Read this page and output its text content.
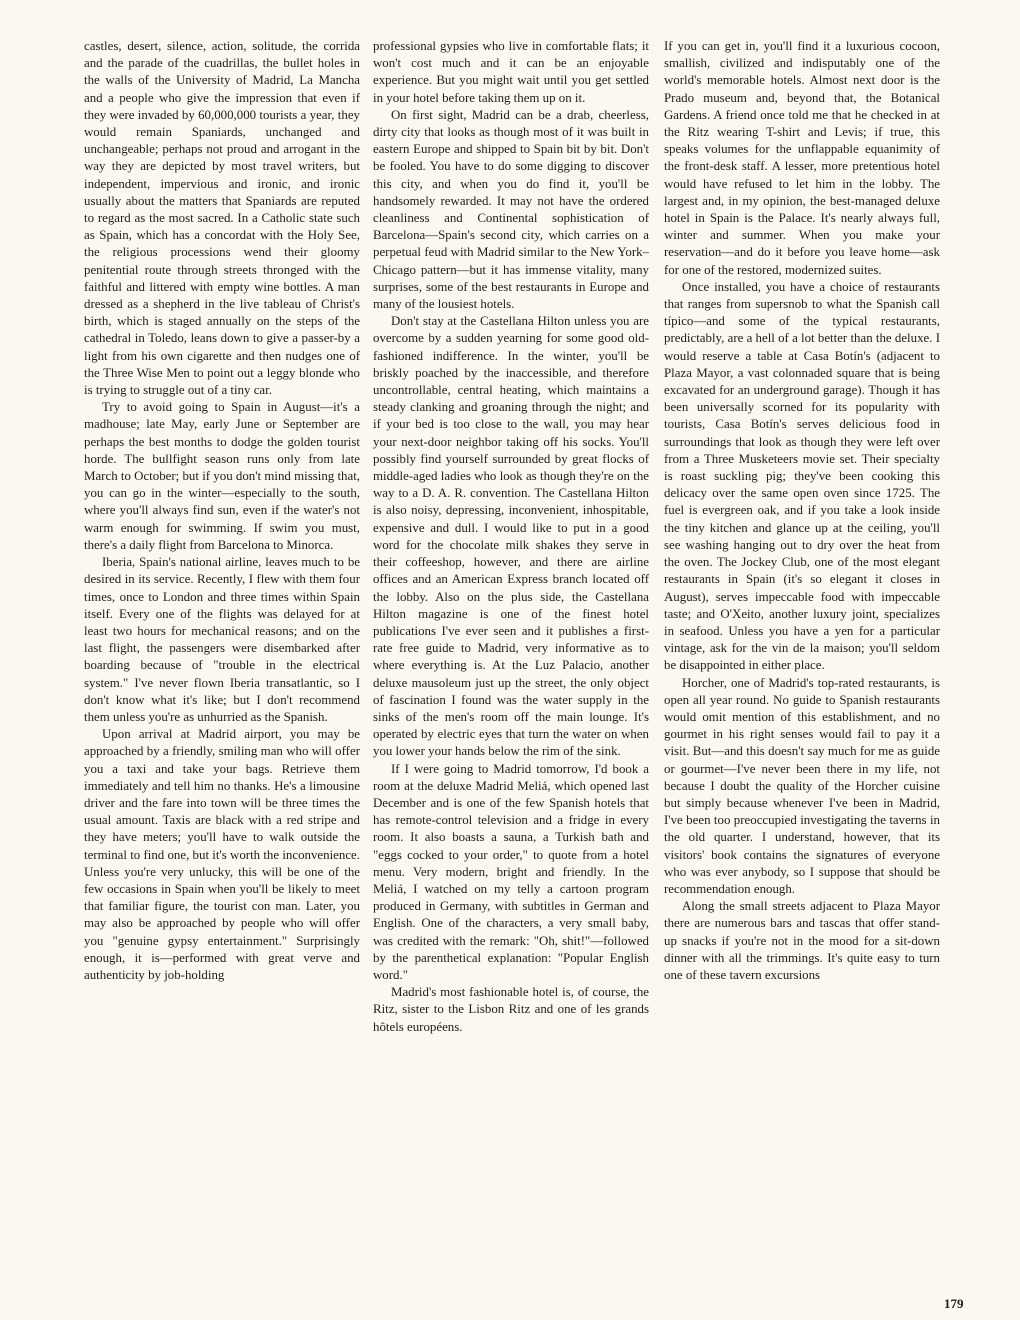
castles, desert, silence, action, solitude, the corrida and the parade of the cuadrillas, the bullet holes in the walls of the University of Madrid, La Mancha and a people who give the impression that even if they were invaded by 60,000,000 tourists a year, they would remain Spaniards, unchanged and unchangeable; perhaps not proud and arrogant in the way they are depicted by most travel writers, but independent, impervious and ironic, and ironic usually about the matters that Spaniards are reputed to regard as the most sacred. In a Catholic state such as Spain, which has a concordat with the Holy See, the religious processions wend their gloomy penitential route through streets thronged with the faithful and littered with empty wine bottles. A man dressed as a shepherd in the live tableau of Christ's birth, which is staged annually on the steps of the cathedral in Toledo, leans down to give a passer-by a light from his own cigarette and then nudges one of the Three Wise Men to point out a leggy blonde who is trying to struggle out of a tiny car.

Try to avoid going to Spain in August—it's a madhouse; late May, early June or September are perhaps the best months to dodge the golden tourist horde. The bullfight season runs only from late March to October; but if you don't mind missing that, you can go in the winter—especially to the south, where you'll always find sun, even if the water's not warm enough for swimming. If swim you must, there's a daily flight from Barcelona to Minorca.

Iberia, Spain's national airline, leaves much to be desired in its service. Recently, I flew with them four times, once to London and three times within Spain itself. Every one of the flights was delayed for at least two hours for mechanical reasons; and on the last flight, the passengers were disembarked after boarding because of "trouble in the electrical system." I've never flown Iberia transatlantic, so I don't know what it's like; but I don't recommend them unless you're as unhurried as the Spanish.

Upon arrival at Madrid airport, you may be approached by a friendly, smiling man who will offer you a taxi and take your bags. Retrieve them immediately and tell him no thanks. He's a limousine driver and the fare into town will be three times the usual amount. Taxis are black with a red stripe and they have meters; you'll have to walk outside the terminal to find one, but it's worth the inconvenience. Unless you're very unlucky, this will be one of the few occasions in Spain when you'll be likely to meet that familiar figure, the tourist con man. Later, you may also be approached by people who will offer you "genuine gypsy entertainment." Surprisingly enough, it is—performed with great verve and authenticity by job-holding

professional gypsies who live in comfortable flats; it won't cost much and it can be an enjoyable experience. But you might wait until you get settled in your hotel before taking them up on it.

On first sight, Madrid can be a drab, cheerless, dirty city that looks as though most of it was built in eastern Europe and shipped to Spain bit by bit. Don't be fooled. You have to do some digging to discover this city, and when you do find it, you'll be handsomely rewarded. It may not have the ordered cleanliness and Continental sophistication of Barcelona—Spain's second city, which carries on a perpetual feud with Madrid similar to the New York–Chicago pattern—but it has immense vitality, many surprises, some of the best restaurants in Europe and many of the lousiest hotels.

Don't stay at the Castellana Hilton unless you are overcome by a sudden yearning for some good old-fashioned indifference. In the winter, you'll be briskly poached by the inaccessible, and therefore uncontrollable, central heating, which maintains a steady clanking and groaning through the night; and if your bed is too close to the wall, you may hear your next-door neighbor taking off his socks. You'll possibly find yourself surrounded by great flocks of middle-aged ladies who look as though they're on the way to a D. A. R. convention. The Castellana Hilton is also noisy, depressing, inconvenient, inhospitable, expensive and dull. I would like to put in a good word for the chocolate milk shakes they serve in their coffeeshop, however, and there are airline offices and an American Express branch located off the lobby. Also on the plus side, the Castellana Hilton magazine is one of the finest hotel publications I've ever seen and it publishes a first-rate free guide to Madrid, very informative as to where everything is. At the Luz Palacio, another deluxe mausoleum just up the street, the only object of fascination I found was the water supply in the sinks of the men's room off the main lounge. It's operated by electric eyes that turn the water on when you lower your hands below the rim of the sink.

If I were going to Madrid tomorrow, I'd book a room at the deluxe Madrid Meliá, which opened last December and is one of the few Spanish hotels that has remote-control television and a fridge in every room. It also boasts a sauna, a Turkish bath and "eggs cocked to your order," to quote from a hotel menu. Very modern, bright and friendly. In the Meliá, I watched on my telly a cartoon program produced in Germany, with subtitles in German and English. One of the characters, a very small baby, was credited with the remark: "Oh, shit!"—followed by the parenthetical explanation: "Popular English word."

Madrid's most fashionable hotel is, of course, the Ritz, sister to the Lisbon Ritz and one of les grands hôtels européens.

If you can get in, you'll find it a luxurious cocoon, smallish, civilized and indisputably one of the world's memorable hotels. Almost next door is the Prado museum and, beyond that, the Botanical Gardens. A friend once told me that he checked in at the Ritz wearing T-shirt and Levis; if true, this speaks volumes for the unflappable equanimity of the front-desk staff. A lesser, more pretentious hotel would have refused to let him in the lobby. The largest and, in my opinion, the best-managed deluxe hotel in Spain is the Palace. It's nearly always full, winter and summer. When you make your reservation—and do it before you leave home—ask for one of the restored, modernized suites.

Once installed, you have a choice of restaurants that ranges from supersnob to what the Spanish call típico—and some of the typical restaurants, predictably, are a hell of a lot better than the deluxe. I would reserve a table at Casa Botín's (adjacent to Plaza Mayor, a vast colonnaded square that is being excavated for an underground garage). Though it has been universally scorned for its popularity with tourists, Casa Botín's serves delicious food in surroundings that look as though they were left over from a Three Musketeers movie set. Their specialty is roast suckling pig; they've been cooking this delicacy over the same open oven since 1725. The fuel is evergreen oak, and if you take a look inside the tiny kitchen and glance up at the ceiling, you'll see washing hanging out to dry over the heat from the oven. The Jockey Club, one of the most elegant restaurants in Spain (it's so elegant it closes in August), serves impeccable food with impeccable taste; and O'Xeito, another luxury joint, specializes in seafood. Unless you have a yen for a particular vintage, ask for the vin de la maison; you'll seldom be disappointed in either place.

Horcher, one of Madrid's top-rated restaurants, is open all year round. No guide to Spanish restaurants would omit mention of this establishment, and no gourmet in his right senses would fail to pay it a visit. But—and this doesn't say much for me as guide or gourmet—I've never been there in my life, not because I doubt the quality of the Horcher cuisine but simply because whenever I've been in Madrid, I've been too preoccupied investigating the taverns in the old quarter. I understand, however, that its visitors' book contains the signatures of everyone who was ever anybody, so I suppose that should be recommendation enough.

Along the small streets adjacent to Plaza Mayor there are numerous bars and tascas that offer stand-up snacks if you're not in the mood for a sit-down dinner with all the trimmings. It's quite easy to turn one of these tavern excursions

179
